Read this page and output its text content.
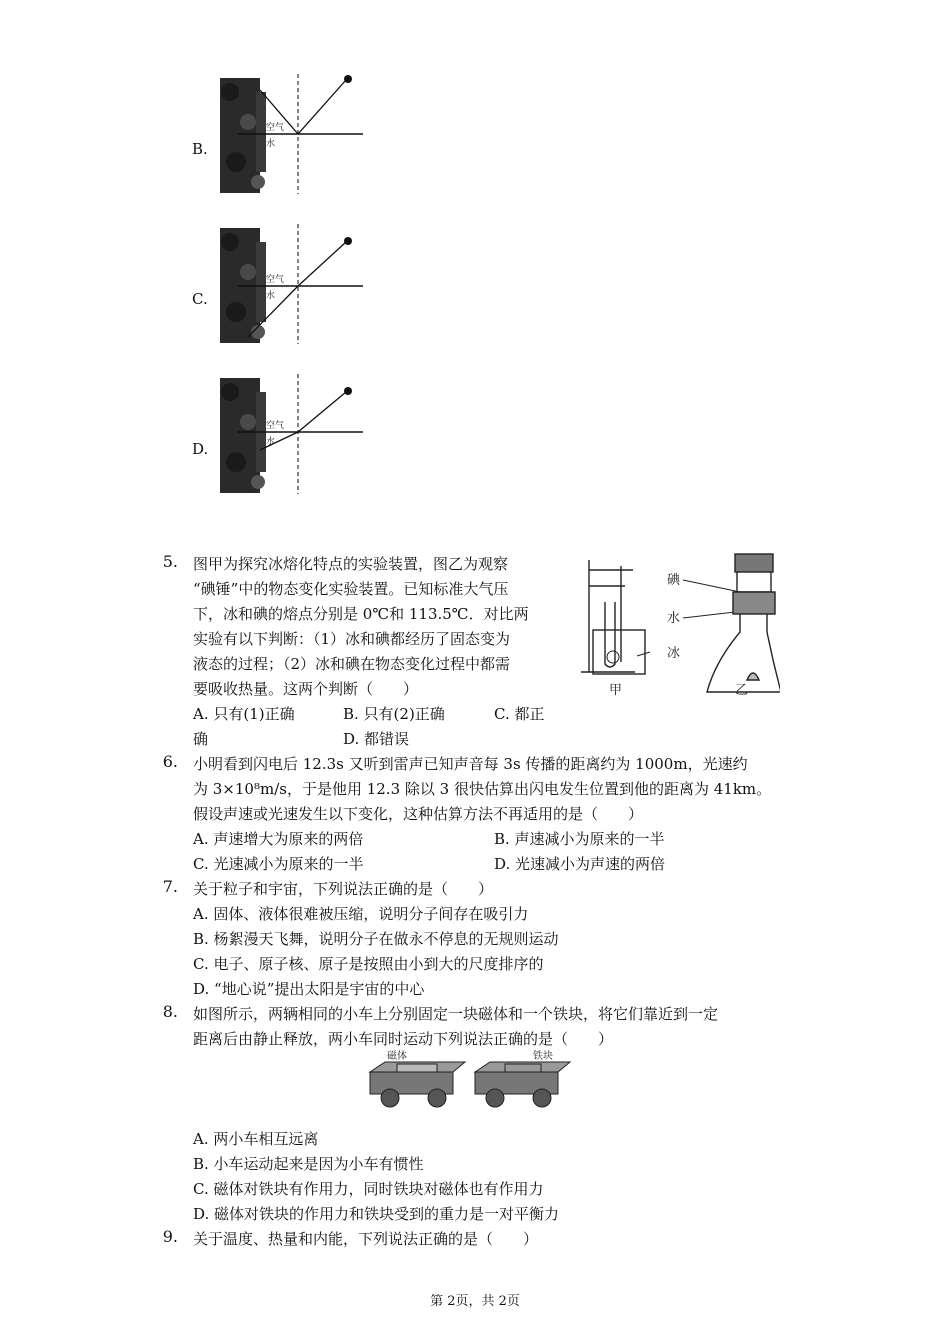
B.
空气
水
C.
空气
水
D.
空气
水
5. 图甲为探究冰熔化特点的实验装置，图乙为观察
“碘锤”中的物态变化实验装置。已知标准大气压
下，冰和碘的熔点分别是 0℃和 113.5℃．对比两
实验有以下判断：（1）冰和碘都经历了固态变为
液态的过程；（2）冰和碘在物态变化过程中都需
要吸收热量。这两个判断（　　）
A. 只有(1)正确	B. 只有(2)正确	C. 都正
确	D. 都错误
甲
碘
水
冰
乙
6. 小明看到闪电后 12.3s 又听到雷声已知声音每 3s 传播的距离约为 1000m，光速约
为 3×10⁸m/s，于是他用 12.3 除以 3 很快估算出闪电发生位置到他的距离为 41km。
假设声速或光速发生以下变化，这种估算方法不再适用的是（　　）
A. 声速增大为原来的两倍	B. 声速减小为原来的一半
C. 光速减小为原来的一半	D. 光速减小为声速的两倍
7. 关于粒子和宇宙，下列说法正确的是（　　）
A. 固体、液体很难被压缩，说明分子间存在吸引力
B. 杨絮漫天飞舞，说明分子在做永不停息的无规则运动
C. 电子、原子核、原子是按照由小到大的尺度排序的
D. “地心说”提出太阳是宇宙的中心
8. 如图所示，两辆相同的小车上分别固定一块磁体和一个铁块，将它们靠近到一定
距离后由静止释放，两小车同时运动下列说法正确的是（　　）
磁体	铁块
A. 两小车相互远离
B. 小车运动起来是因为小车有惯性
C. 磁体对铁块有作用力，同时铁块对磁体也有作用力
D. 磁体对铁块的作用力和铁块受到的重力是一对平衡力
9. 关于温度、热量和内能，下列说法正确的是（　　）
第 2页，共 2页
